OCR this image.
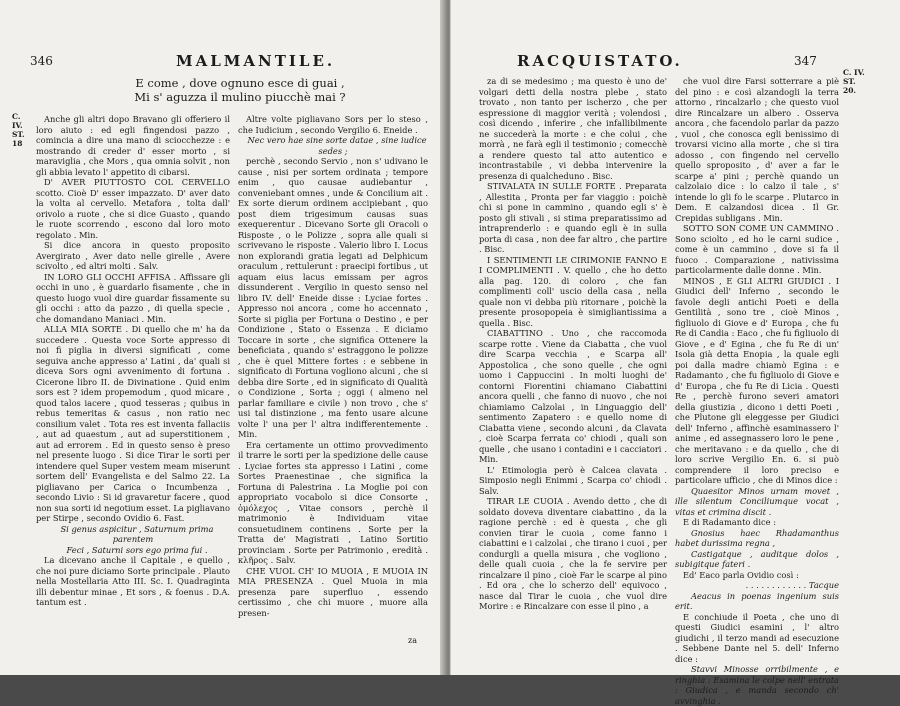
346	MALMANTILE.
E come , dove ognuno esce di guai ,
Mi s' aguzza il mulino piucchè mai ?
C. IV. ST. 18

Anche gli altri dopo Bravano gli offeriero il loro aiuto : ed egli fingendosi pazzo , comincia a dire una mano di sciocchezze : e mostrando di creder d' esser morto , si maraviglia , che Mors , qua omnia solvit , non gli abbia levato l' appetito di cibarsi.

D' AVER PIUTTOSTO COL CERVELLO scotto. Cioè D' esser impazzato. D' aver dato la volta al cervello. Metafora , tolta dall' orivolo a ruote , che si dice Guasto , quando le ruote scorrendo , escono dal loro moto regolato . Min.

Si dice ancora in questo proposito Avergirato , Aver dato nelle girelle , Avere scivolto , ed altri molti . Salv.

IN LORO GLI OCCHI AFFISA . Affissare gli occhi in uno , è guardarlo fisamente , che in questo luogo vuol dire guardar fissamente su gli occhi : atto da pazzo , di quella specie , che domandano Maniaci . Min.

ALLA MIA SORTE . Di quello che m' ha da succedere . Questa voce Sorte appresso di noi fi piglia in diversi significati , come seguiva anche appresso a' Latini , da' quali si diceva Sors ogni avvenimento di fortuna . Cicerone libro II. de Divinatione . Quid enim sors est ? idem propemodum , quod micare , quod talos iacere , quod tesseras ; quibus in rebus temeritas & casus , non ratio nec consilium valet . Tota res est inventa fallaciis , aut ad quaestum , aut ad superstitionem , aut ad errorem . Ed in questo senso è preso nel presente luogo . Si dice Tirar le sorti per intendere quel Super vestem meam miserunt sortem dell' Evangelista e del Salmo 22. La pigliavano per Carica o Incumbenza , secondo Livio : Si id gravaretur facere , quod non sua sorti id negotium esset. La pigliavano per Stirpe , secondo Ovidio 6. Fast.

Si genus aspicitur , Saturnum prima parentem

Feci , Saturni sors ego prima fui .

La dicevano anche il Capitale , e quello , che noi pure diciamo Sorte principale . Plauto nella Mostellaria Atto III. Sc. I. Quadraginta illi debentur minae , Et sors , & foenus . D.A. tantum est .

Altre volte pigliavano Sors per lo steso , che Iudicium , secondo Vergilio 6. Eneide .

Nec vero hae sine sorte datae , sine iudice sedes ;

perchè , secondo Servio , non s' udivano le cause , nisi per sortem ordinata ; tempore enim , quo causae audiebantur , conveniebant omnes , unde & Concilium ait . Ex sorte dierum ordinem accipiebant , quo post diem trigesimum causas suas exequerentur . Dicevano Sorte gli Oracoli o Risposte , o le Polizze , sopra alle quali si scrivevano le risposte . Valerio libro I. Locus non explorandi gratia legati ad Delphicum oraculum , rettulerunt : praecipi fortibus , ut aquam eius lacus emissam per agros dissunderent . Vergilio in questo senso nel libro IV. dell' Eneide disse : Lyciae fortes . Appresso noi ancora , come ho accennato , Sorte si piglia per Fortuna o Destino , e per Condizione , Stato o Essenza . E diciamo Toccare in sorte , che significa Ottenere la beneficiata , quando s' estraggono le polizze , che è quel Mittere fortes : e sebbene in significato di Fortuna vogliono alcuni , che si debba dire Sorte , ed in significato di Qualità o Condizione , Sorta ; oggi ( almeno nel parlar familiare e civile ) non trovo , che s' usi tal distinzione , ma fento usare alcune volte l' una per l' altra indifferentemente . Min.

Era certamente un ottimo provvedimento il trarre le sorti per la spedizione delle cause . Lyciae fortes sta appresso i Latini , come Sortes Praenestinae , che significa la Fortuna di Palestrina . La Moglie poi con appropriato vocabolo si dice Consorte , ὁμόλεχος , Vitae consors , perchè il matrimonio è Individuam vitae consuetudinem continens . Sorte per la Tratta de' Magistrati , Latino Sortitio provinciam . Sorte per Patrimonio , eredità . κλῆρος . Salv.

CHE VUOL CH' IO MUOIA , E MUOIA IN MIA PRESENZA . Quel Muoia in mia presenza pare superfluo , essendo certissimo , che chi muore , muore alla presen-

za
RACQUISTATO.	347
C. IV. ST. 20.

za di se medesimo ; ma questo è uno de' volgari detti della nostra plebe , stato trovato , non tanto per ischerzo , che per espressione di maggior verità ; volendosi , così dicendo , inferire , che infallibilmente ne succederà la morte : e che colui , che morrà , ne farà egli il testimonio ; comecchè a rendere questo tal atto autentico e incontrastabile , vi debba intervenire la presenza di qualcheduno . Bisc.

STIVALATA IN SULLE FORTE . Preparata , Allestita , Pronta per far viaggio : poichè chi si pone in cammino , quando egli s' è posto gli stivali , si stima preparatissimo ad intraprenderlo : e quando egli è in sulla porta di casa , non dee far altro , che partire . Bisc.

I SENTIMENTI LE CIRIMONIE FANNO E I COMPLIMENTI . V. quello , che ho detto alla pag. 120. di coloro , che fan complimenti coll' uscio della casa , nella quale non vi debba più ritornare , poichè la presente prosopopeia è simigliantissima a quella . Bisc.

CIABATTINO . Uno , che raccomoda scarpe rotte . Viene da Ciabatta , che vuol dire Scarpa vecchia , e Scarpa all' Appostolica , che sono quelle , che ogni uomo i Cappuccini . In molti luoghi de' contorni Fiorentini chiamano Ciabattini ancora quelli , che fanno di nuovo , che noi chiamiamo Calzolai , in Linguaggio dell' sentimento Zapatero : e quello nome di Ciabatta viene , secondo alcuni , da Clavata , cioè Scarpa ferrata co' chiodi , quali son quelle , che usano i contadini e i cacciatori . Min.

L' Etimologia però è Calcea clavata . Simposio negli Enimmi , Scarpa co' chiodi . Salv.

TIRAR LE CUOIA . Avendo detto , che di soldato doveva diventare ciabattino , da la ragione perchè : ed è questa , che gli convien tirar le cuoia , come fanno i ciabattini e i calzolai , che tirano i cuoi , per condurgli a quella misura , che vogliono , delle quali cuoia , che la fe servire per rincalzare il pino , cioè Far le scarpe al pino . Ed ora , che lo scherzo dell' equivoco , nasce dal Tirar le cuoia , che vuol dire Morire : e Rincalzare con esse il pino , a

che vuol dire Farsi sotterrare a piè del pino : e così alzandogli la terra attorno , rincalzarlo ; che questo vuol dire Rincalzare un albero . Osserva ancora , che facendolo parlar da pazzo , vuol , che conosca egli benissimo di trovarsi vicino alla morte , che si tira adosso , con fingendo nel cervello quello sproposito , d' aver a far le scarpe a' pini ; perchè quando un calzolaio dice : lo calzo il tale , s' intende lo gli fo le scarpe . Plutarco in Dem. E calzandosi dicea . Il Gr. Crepidas subligans . Min.

SOTTO SON COME UN CAMMINO . Sono sciolto , ed ho le carni sudice , come è un cammino , dove si fa il fuoco . Comparazione , nativissima particolarmente dalle donne . Min.

MINOS , E GLI ALTRI GIUDICI . I Giudici dell' Inferno , secondo le favole degli antichi Poeti e della Gentilità , sono tre , cioè Minos , figliuolo di Giove e d' Europa , che fu Re di Candia : Eaco , che fu figliuolo di Giove , e d' Egina , che fu Re di un' Isola già detta Enopia , la quale egli poi dalla madre chiamò Egina : e Radamanto , che fu figliuolo di Giove e d' Europa , che fu Re di Licia . Questi Re , perchè furono severi amatori della giustizia , dicono i detti Poeti , che Plutone gli eleggesse per Giudici dell' Inferno , affinchè esaminassero l' anime , ed assegnassero loro le pene , che meritavano : e da quello , che di loro scrive Vergilio En. 6. si può comprendere il loro preciso e particolare ufficio , che di Minos dice :

Quaesitor Minos urnam movet , ille silentum Conciliumque vocat , vitas et crimina discit .

E di Radamanto dice :

Gnosius haec Rhadamanthus habet durissima regna ,

Castigatque , auditque dolos , subigitque fateri .

Ed' Eaco parla Ovidio così :

. . . . . . . . . . . . Tacque

Aeacus in poenas ingenium suis erit.

E conchiude il Poeta , che uno di questi Giudici esamini , l' altro giudichi , il terzo mandi ad esecuzione . Sebbene Dante nel 5. dell' Inferno dice :

Stavvi Minosse orribilmente , e ringhia : Esamina le colpe nell' entrata : Giudica , e manda secondo ch' avvinghia .
